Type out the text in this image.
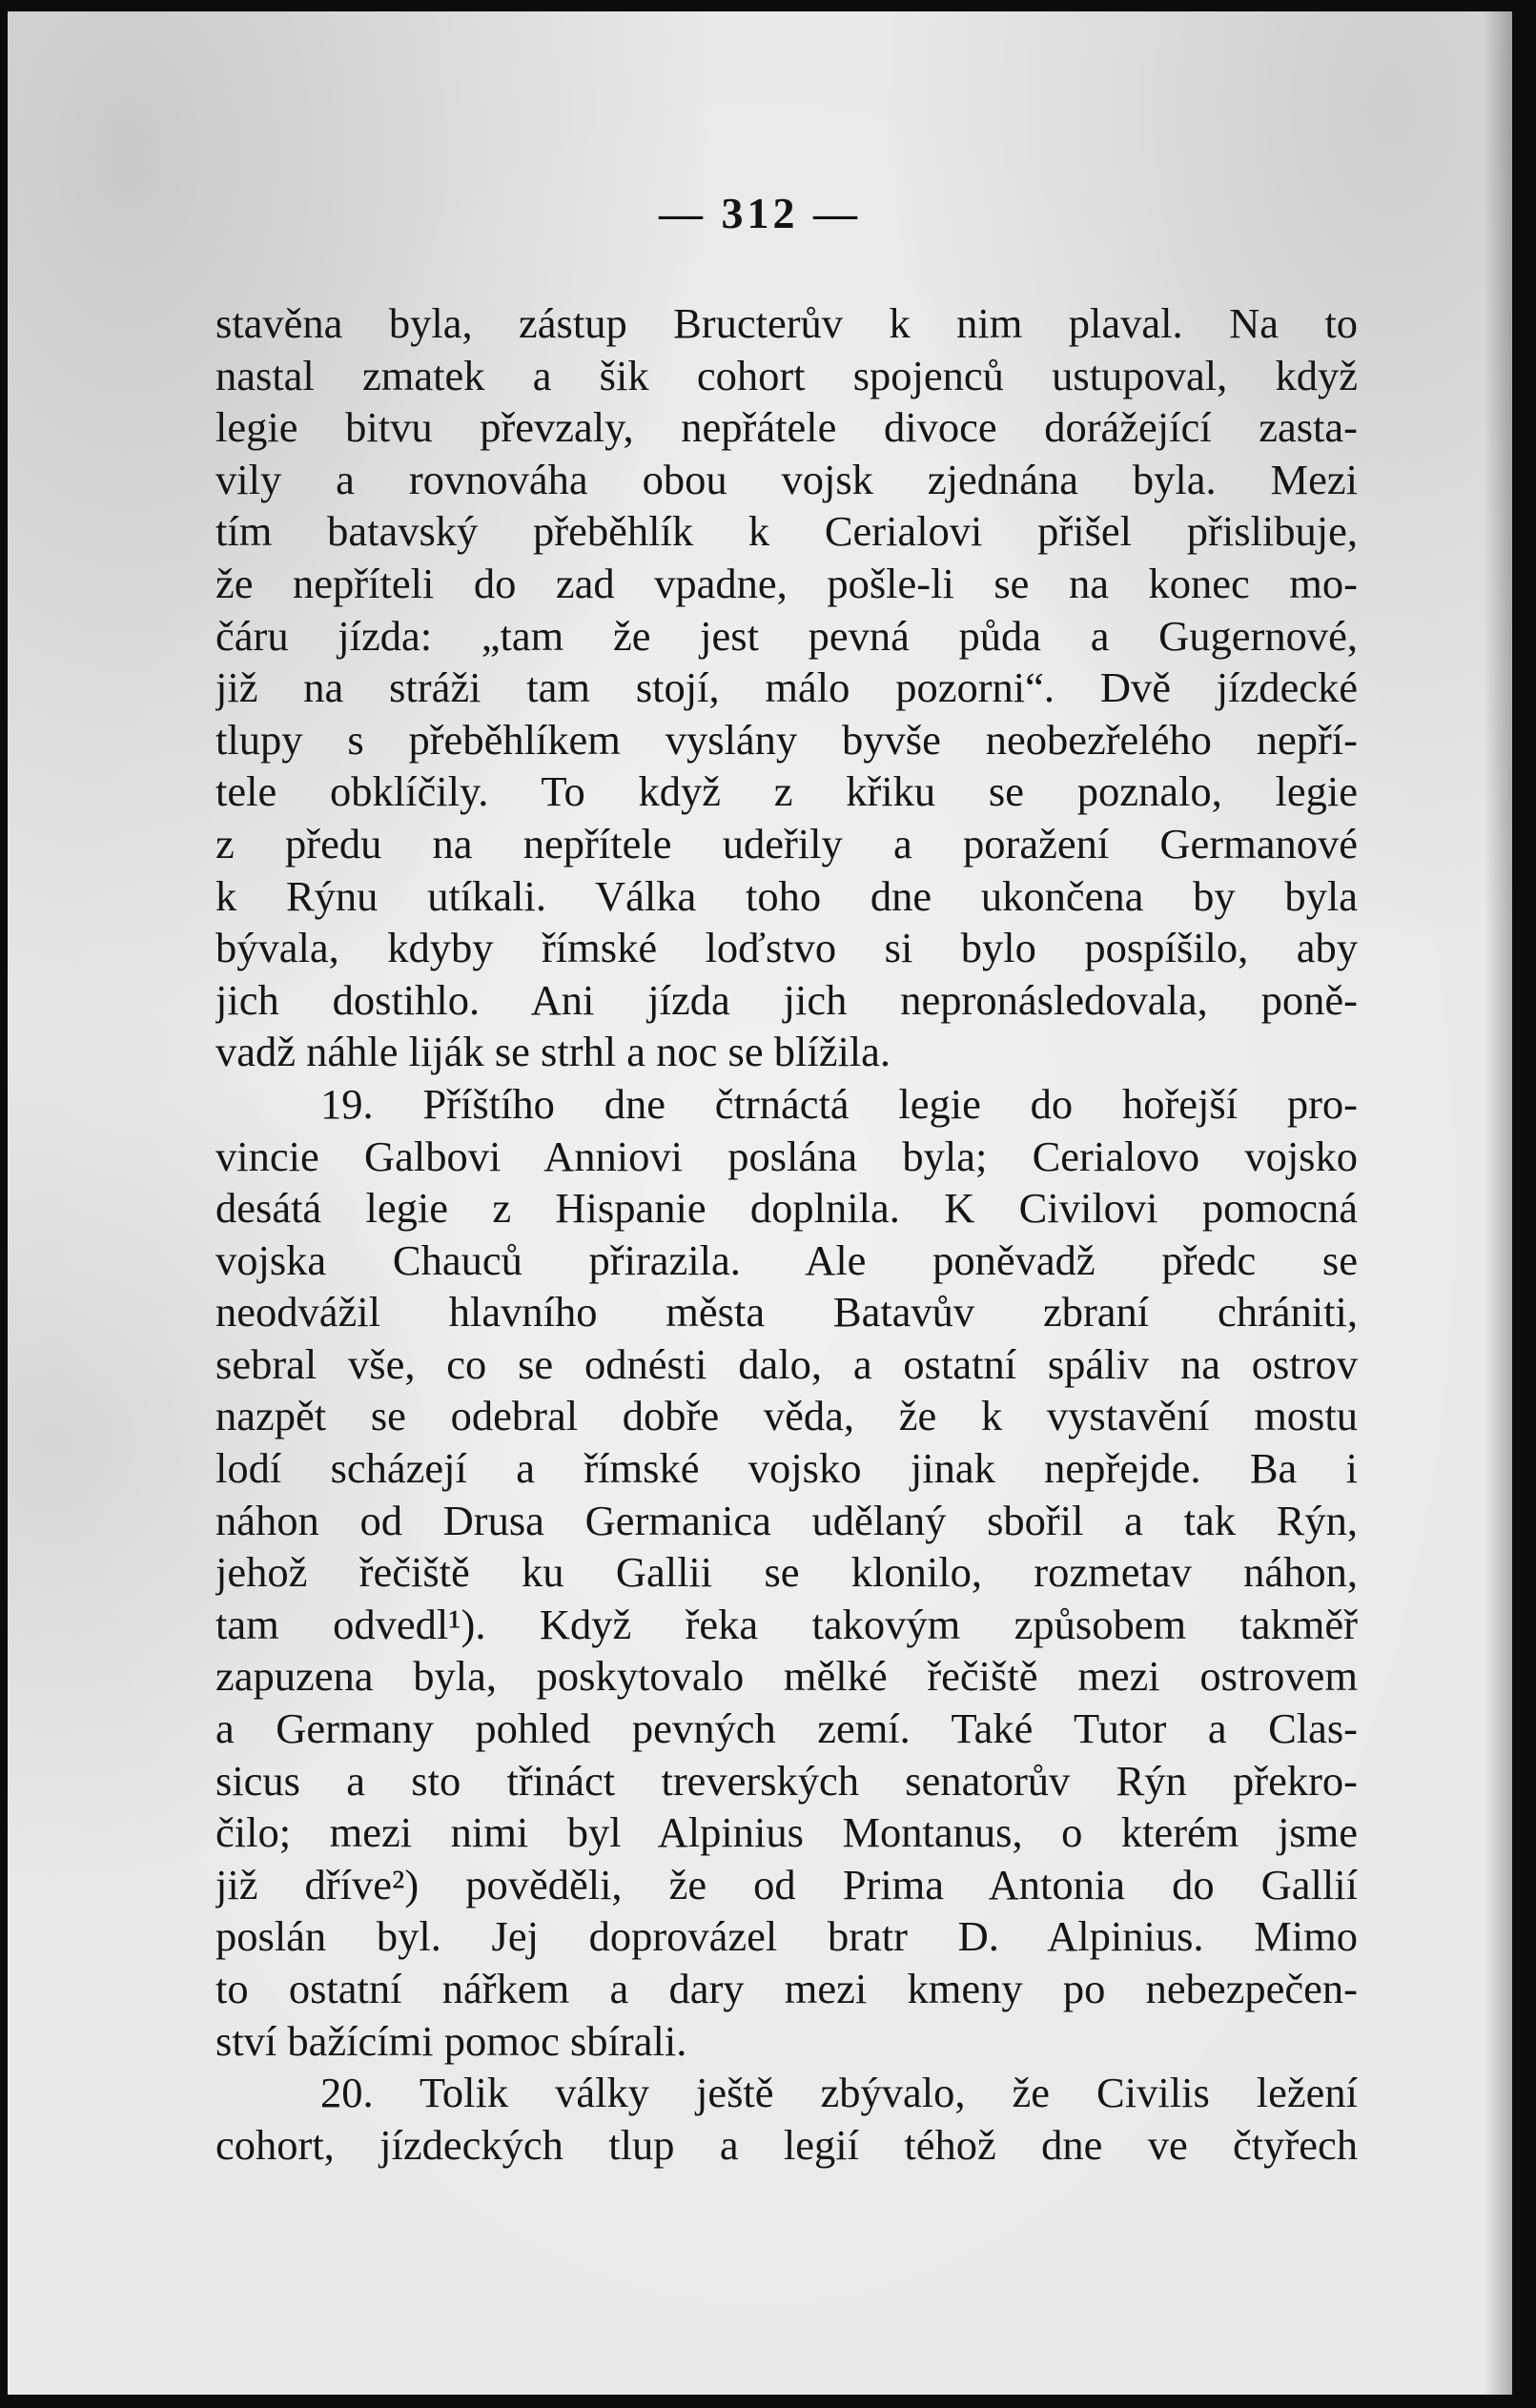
— 312 —
stavěna byla, zástup Bructerův k nim plaval. Na to
nastal zmatek a šik cohort spojenců ustupoval, když
legie bitvu převzaly, nepřátele divoce dorážející zasta-
vily a rovnováha obou vojsk zjednána byla. Mezi
tím batavský přeběhlík k Cerialovi přišel přislibuje,
že nepříteli do zad vpadne, pošle-li se na konec mo-
čáru jízda: „tam že jest pevná půda a Gugernové,
již na stráži tam stojí, málo pozorni“. Dvě jízdecké
tlupy s přeběhlíkem vyslány byvše neobezřelého nepří-
tele obklíčily. To když z křiku se poznalo, legie
z předu na nepřítele udeřily a poražení Germanové
k Rýnu utíkali. Válka toho dne ukončena by byla
bývala, kdyby římské loďstvo si bylo pospíšilo, aby
jich dostihlo. Ani jízda jich nepronásledovala, poně-
vadž náhle liják se strhl a noc se blížila.
19. Příštího dne čtrnáctá legie do hořejší pro-
vincie Galbovi Anniovi poslána byla; Cerialovo vojsko
desátá legie z Hispanie doplnila. K Civilovi pomocná
vojska Chauců přirazila. Ale poněvadž předc se
neodvážil hlavního města Batavův zbraní chrániti,
sebral vše, co se odnésti dalo, a ostatní spáliv na ostrov
nazpět se odebral dobře věda, že k vystavění mostu
lodí scházejí a římské vojsko jinak nepřejde. Ba i
náhon od Drusa Germanica udělaný sbořil a tak Rýn,
jehož řečiště ku Gallii se klonilo, rozmetav náhon,
tam odvedl¹). Když řeka takovým způsobem takměř
zapuzena byla, poskytovalo mělké řečiště mezi ostrovem
a Germany pohled pevných zemí. Také Tutor a Clas-
sicus a sto třináct treverských senatorův Rýn překro-
čilo; mezi nimi byl Alpinius Montanus, o kterém jsme
již dříve²) pověděli, že od Prima Antonia do Gallií
poslán byl. Jej doprovázel bratr D. Alpinius. Mimo
to ostatní nářkem a dary mezi kmeny po nebezpečen-
ství bažícími pomoc sbírali.
20. Tolik války ještě zbývalo, že Civilis ležení
cohort, jízdeckých tlup a legií téhož dne ve čtyřech
